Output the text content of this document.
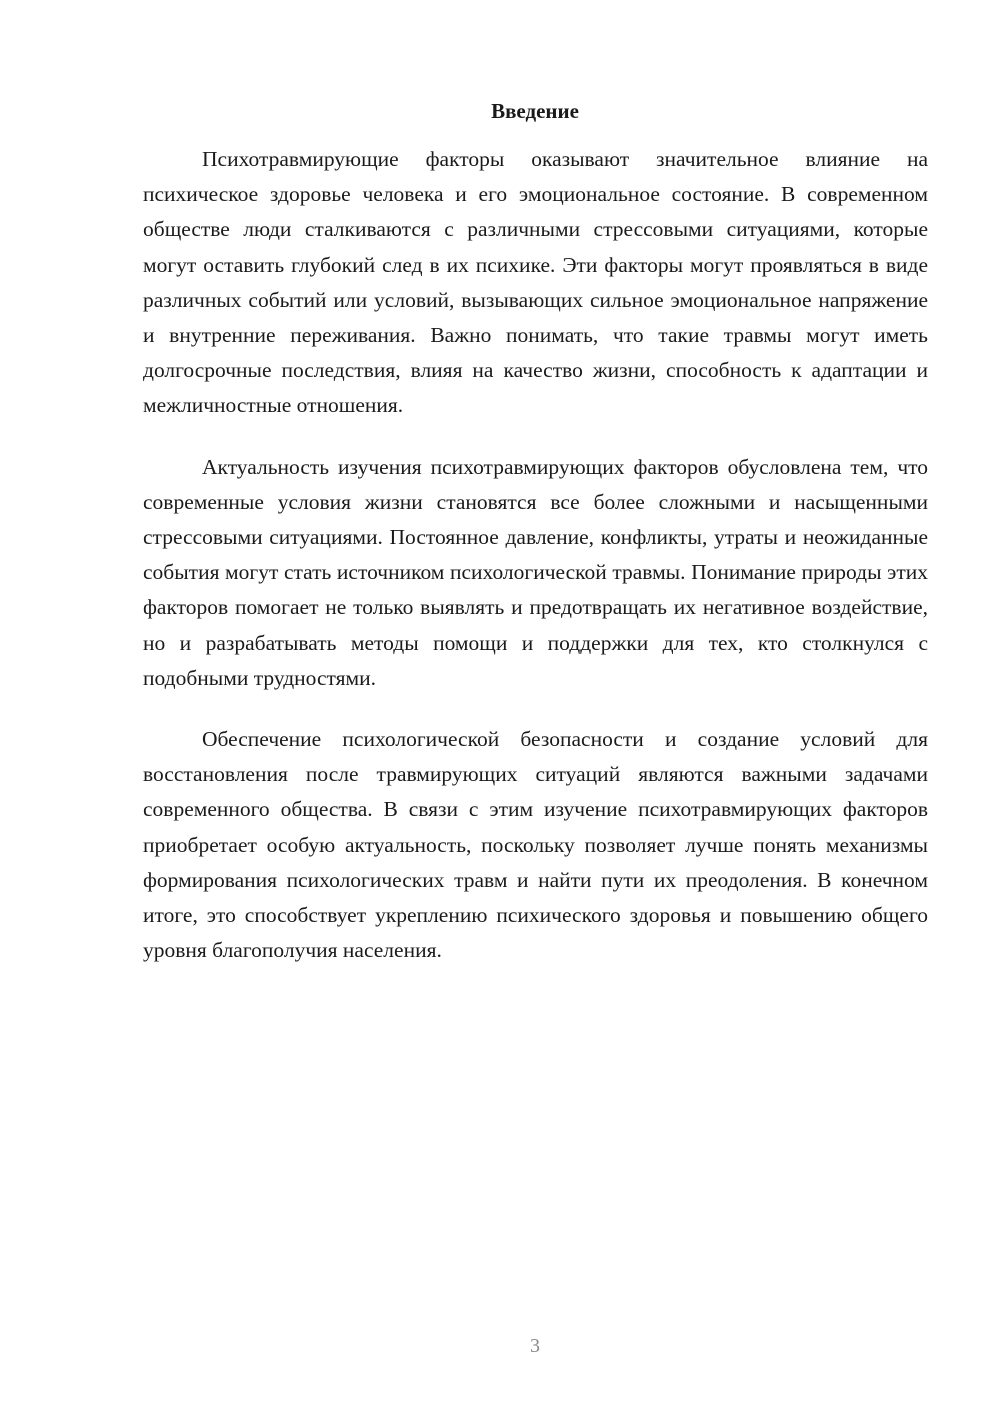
Введение

Психотравмирующие факторы оказывают значительное влияние на психическое здоровье человека и его эмоциональное состояние. В современном обществе люди сталкиваются с различными стрессовыми ситуациями, которые могут оставить глубокий след в их психике. Эти факторы могут проявляться в виде различных событий или условий, вызывающих сильное эмоциональное напряжение и внутренние переживания. Важно понимать, что такие травмы могут иметь долгосрочные последствия, влияя на качество жизни, способность к адаптации и межличностные отношения.

Актуальность изучения психотравмирующих факторов обусловлена тем, что современные условия жизни становятся все более сложными и насыщенными стрессовыми ситуациями. Постоянное давление, конфликты, утраты и неожиданные события могут стать источником психологической травмы. Понимание природы этих факторов помогает не только выявлять и предотвращать их негативное воздействие, но и разрабатывать методы помощи и поддержки для тех, кто столкнулся с подобными трудностями.

Обеспечение психологической безопасности и создание условий для восстановления после травмирующих ситуаций являются важными задачами современного общества. В связи с этим изучение психотравмирующих факторов приобретает особую актуальность, поскольку позволяет лучше понять механизмы формирования психологических травм и найти пути их преодоления. В конечном итоге, это способствует укреплению психического здоровья и повышению общего уровня благополучия населения.

3
